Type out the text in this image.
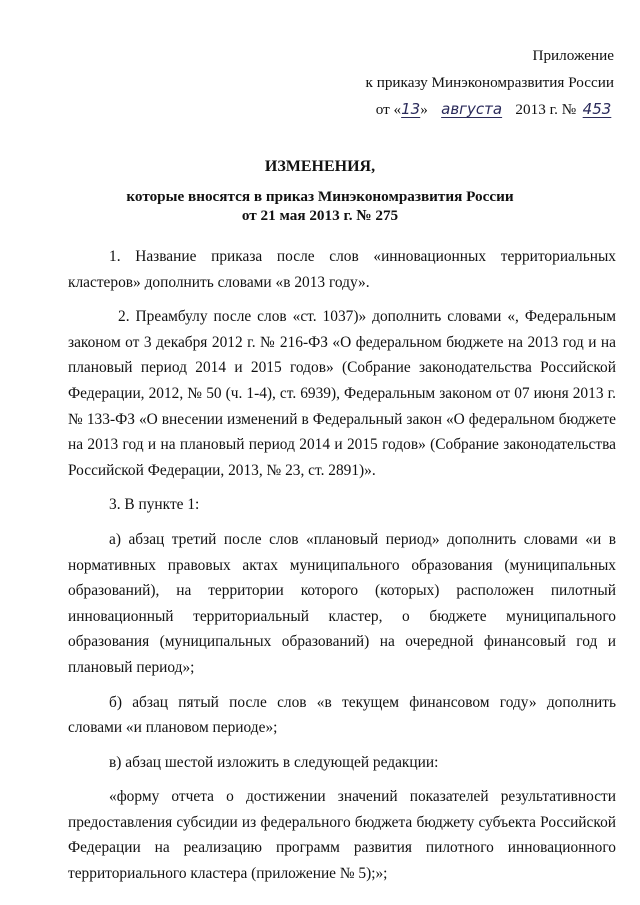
Приложение
к приказу Минэкономразвития России
от «13» августа 2013 г. № 453
ИЗМЕНЕНИЯ,
которые вносятся в приказ Минэкономразвития России
от 21 мая 2013 г. № 275

1. Название приказа после слов «инновационных территориальных кластеров» дополнить словами «в 2013 году».

2. Преамбулу после слов «ст. 1037)» дополнить словами «, Федеральным законом от 3 декабря 2012 г. № 216-ФЗ «О федеральном бюджете на 2013 год и на плановый период 2014 и 2015 годов» (Собрание законодательства Российской Федерации, 2012, № 50 (ч. 1-4), ст. 6939), Федеральным законом от 07 июня 2013 г. № 133-ФЗ «О внесении изменений в Федеральный закон «О федеральном бюджете на 2013 год и на плановый период 2014 и 2015 годов» (Собрание законодательства Российской Федерации, 2013, № 23, ст. 2891)».

3. В пункте 1:

а) абзац третий после слов «плановый период» дополнить словами «и в нормативных правовых актах муниципального образования (муниципальных образований), на территории которого (которых) расположен пилотный инновационный территориальный кластер, о бюджете муниципального образования (муниципальных образований) на очередной финансовый год и плановый период»;

б) абзац пятый после слов «в текущем финансовом году» дополнить словами «и плановом периоде»;

в) абзац шестой изложить в следующей редакции:

«форму отчета о достижении значений показателей результативности предоставления субсидии из федерального бюджета бюджету субъекта Российской Федерации на реализацию программ развития пилотного инновационного территориального кластера (приложение № 5);»;
